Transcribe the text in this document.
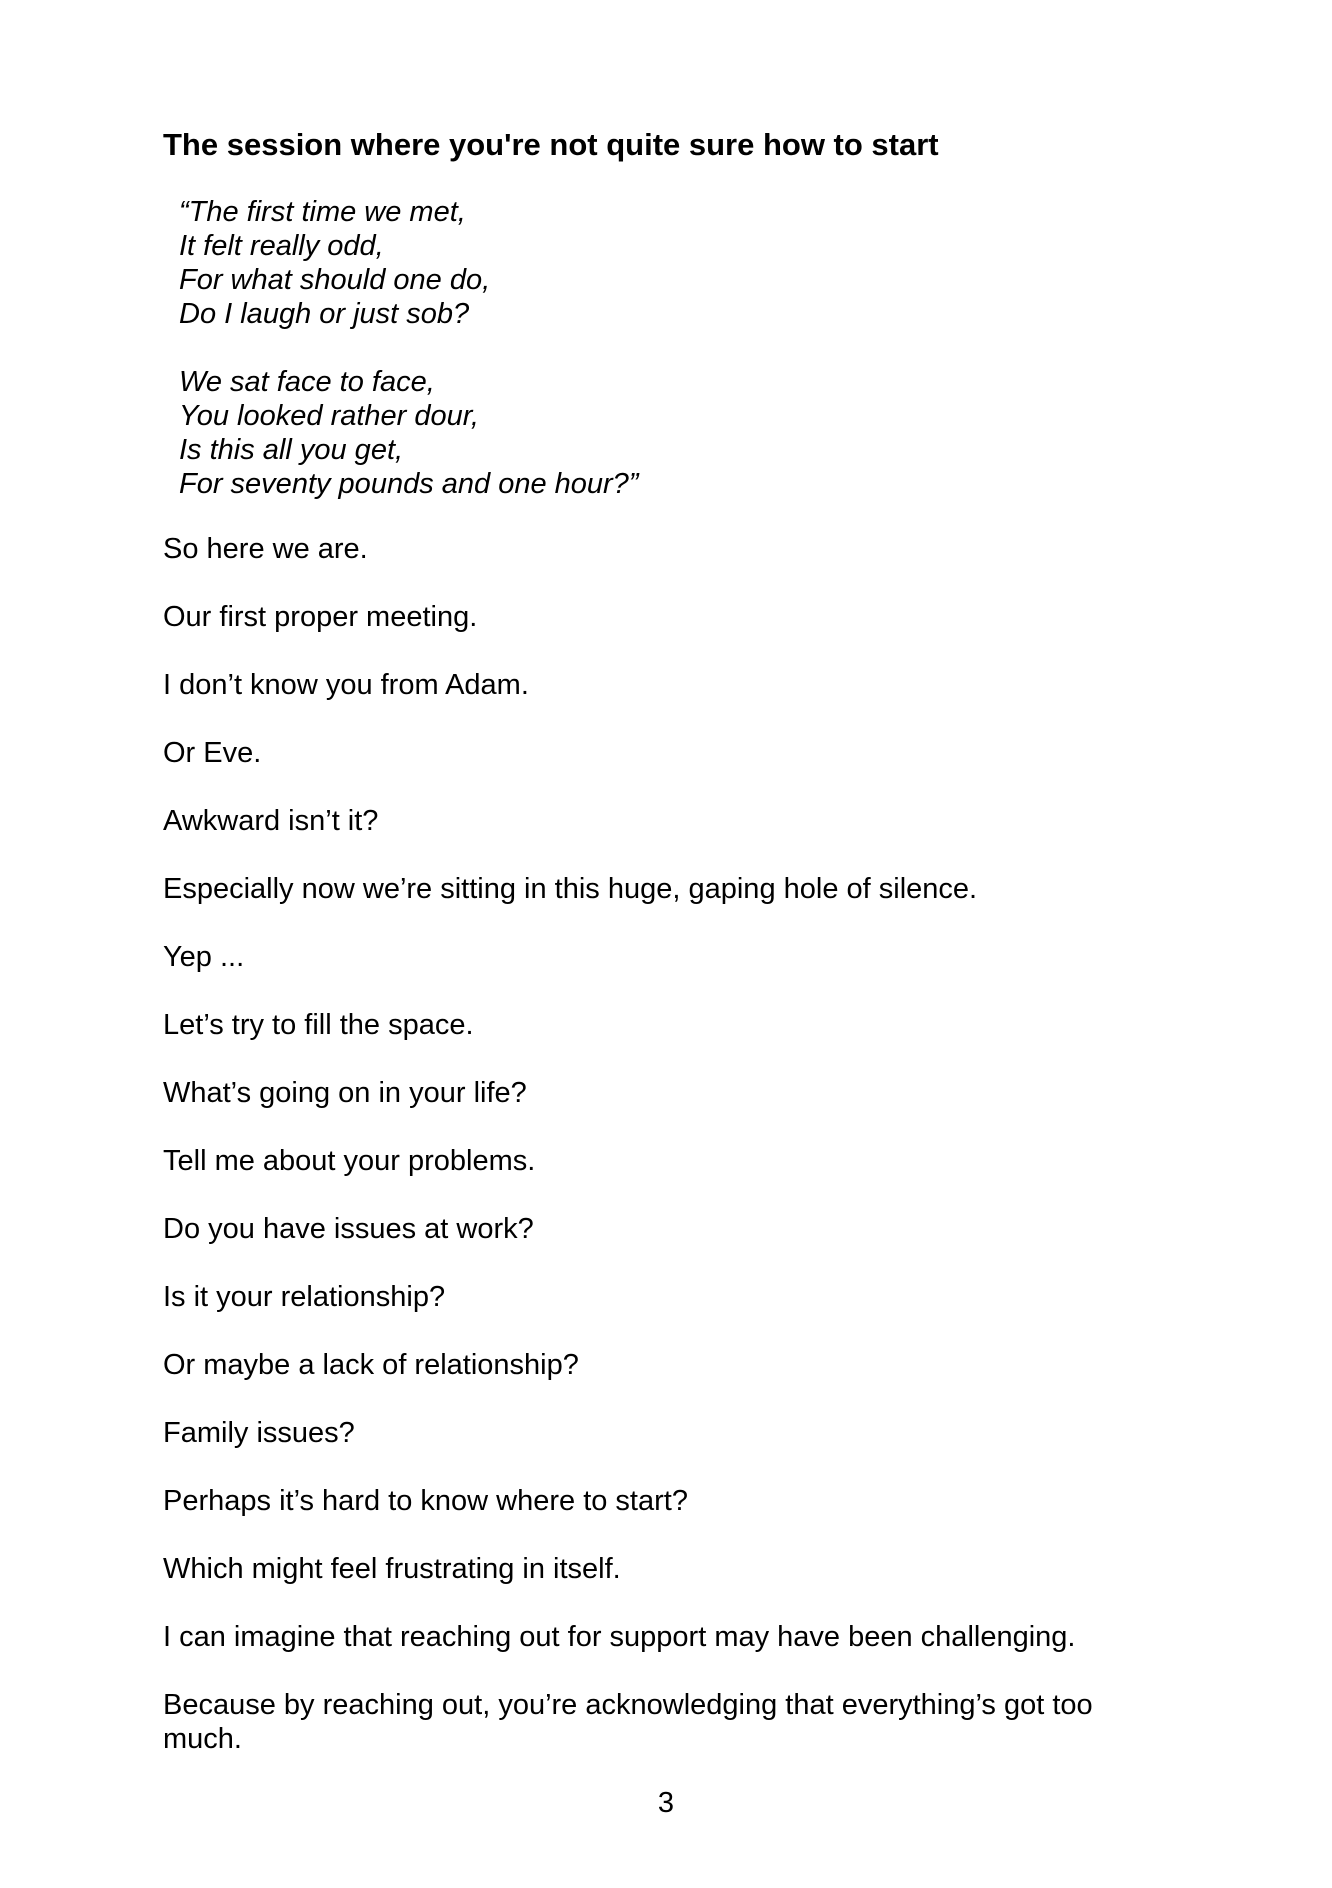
The session where you're not quite sure how to start
“The first time we met,
It felt really odd,
For what should one do,
Do I laugh or just sob?
We sat face to face,
You looked rather dour,
Is this all you get,
For seventy pounds and one hour?”

So here we are.

Our first proper meeting.

I don’t know you from Adam.

Or Eve.

Awkward isn’t it?

Especially now we’re sitting in this huge, gaping hole of silence.

Yep ...

Let’s try to fill the space.

What’s going on in your life?

Tell me about your problems.

Do you have issues at work?

Is it your relationship?

Or maybe a lack of relationship?

Family issues?

Perhaps it’s hard to know where to start?

Which might feel frustrating in itself.

I can imagine that reaching out for support may have been challenging.

Because by reaching out, you’re acknowledging that everything’s got too much.

3
